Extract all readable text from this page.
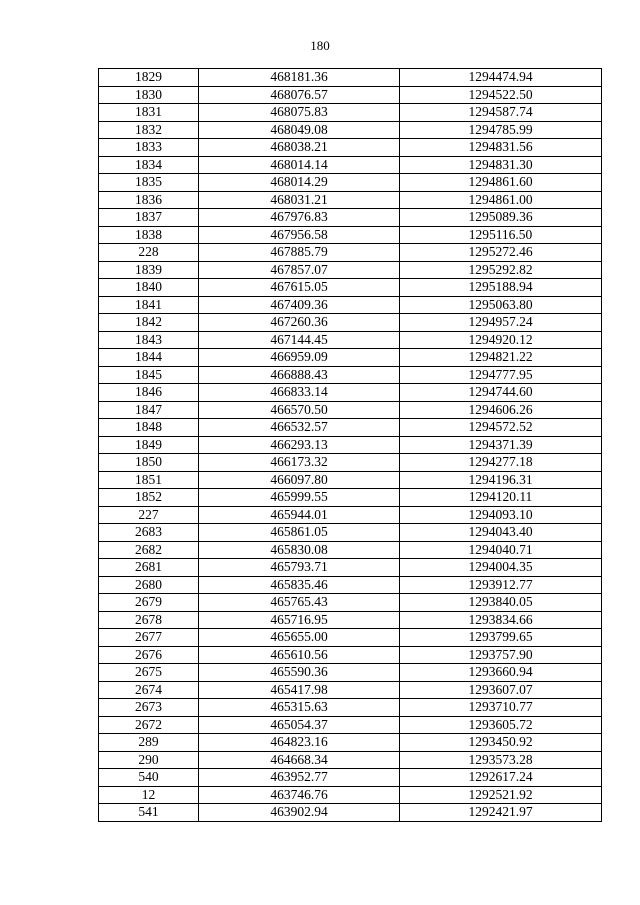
180
1829	468181.36	1294474.94
1830	468076.57	1294522.50
1831	468075.83	1294587.74
1832	468049.08	1294785.99
1833	468038.21	1294831.56
1834	468014.14	1294831.30
1835	468014.29	1294861.60
1836	468031.21	1294861.00
1837	467976.83	1295089.36
1838	467956.58	1295116.50
228	467885.79	1295272.46
1839	467857.07	1295292.82
1840	467615.05	1295188.94
1841	467409.36	1295063.80
1842	467260.36	1294957.24
1843	467144.45	1294920.12
1844	466959.09	1294821.22
1845	466888.43	1294777.95
1846	466833.14	1294744.60
1847	466570.50	1294606.26
1848	466532.57	1294572.52
1849	466293.13	1294371.39
1850	466173.32	1294277.18
1851	466097.80	1294196.31
1852	465999.55	1294120.11
227	465944.01	1294093.10
2683	465861.05	1294043.40
2682	465830.08	1294040.71
2681	465793.71	1294004.35
2680	465835.46	1293912.77
2679	465765.43	1293840.05
2678	465716.95	1293834.66
2677	465655.00	1293799.65
2676	465610.56	1293757.90
2675	465590.36	1293660.94
2674	465417.98	1293607.07
2673	465315.63	1293710.77
2672	465054.37	1293605.72
289	464823.16	1293450.92
290	464668.34	1293573.28
540	463952.77	1292617.24
12	463746.76	1292521.92
541	463902.94	1292421.97
